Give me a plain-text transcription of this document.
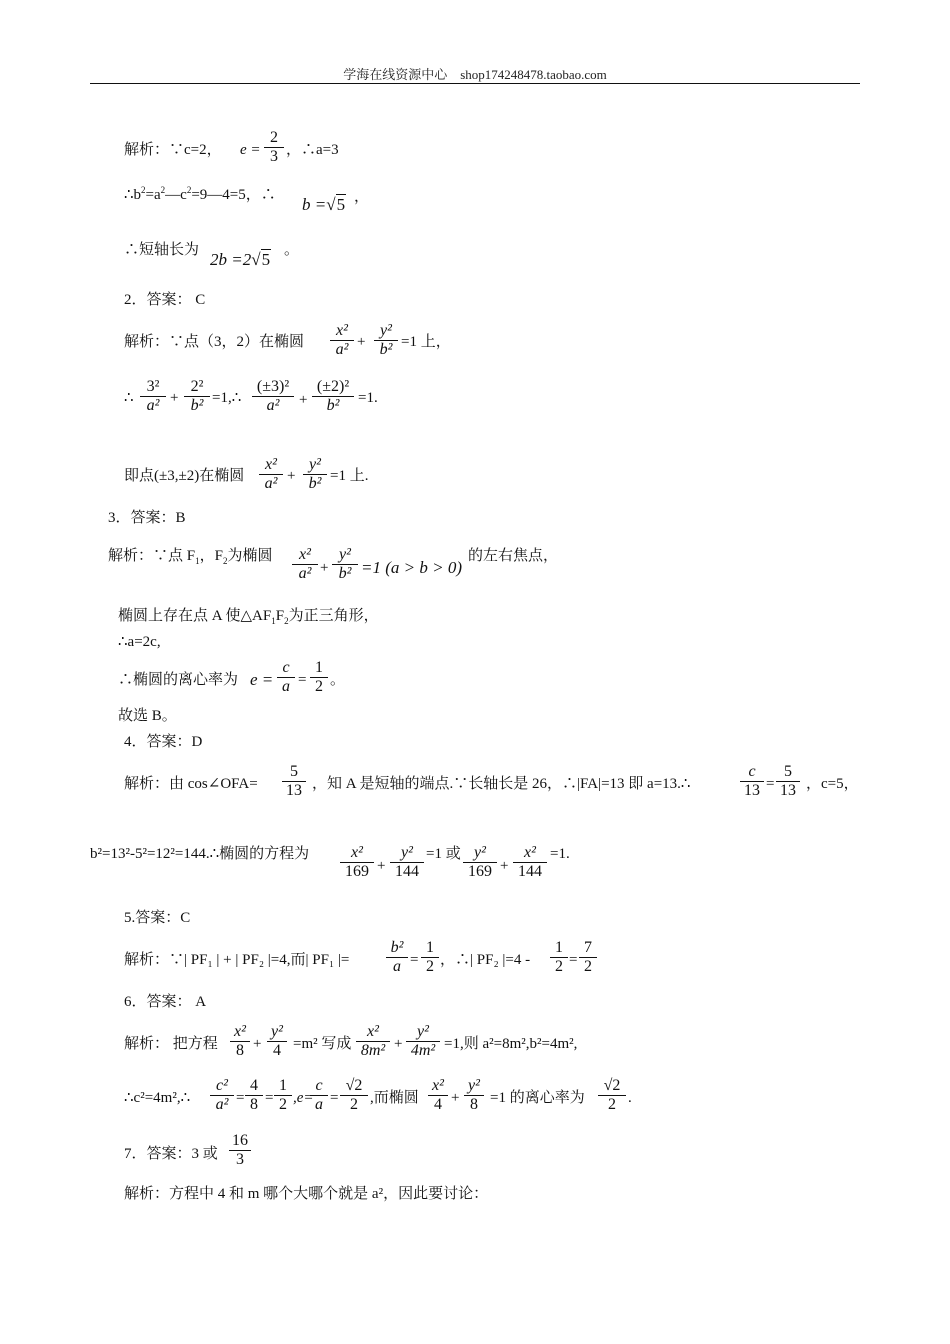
学海在线资源中心　shop174248478.taobao.com
解析：∵c=2， $e = \frac{2}{3}$ ，∴a=3
$\therefore b^2=a^2—c^2=9—4=5$，∴ b =√5 ，
∴短轴长为 2b =2√5 。
2．答案： C
解析：∵点（3，2）在椭圆 $\frac{\text{x²}}{\text{a²}} + \frac{\text{y²}}{\text{b²}} =1$ 上，
∴ $\frac{\text{3²}}{\text{a²}} + \frac{\text{2²}}{\text{b²}}$ =1,∴ $\frac{\text{(±3)²}}{\text{a²}} + \frac{\text{(±2)²}}{\text{b²}} =1$.
即点(±3,±2)在椭圆 $\frac{\text{x²}}{\text{a²}} + \frac{\text{y²}}{\text{b²}} =1$ 上.
3．答案：B
解析：∵点 $F_1$，$F_2$为椭圆 $\frac{\text{x²}}{\text{a²}} + \frac{\text{y²}}{\text{b²}} =1$ (a > b > 0)
的左右焦点，
椭圆上存在点 A 使$\triangle AF_1F_2$为正三角形，
∴a=2c,
∴椭圆的离心率为 $e = \frac{c}{a} = \frac{1}{2}$ 。
故选 B。
4．答案：D
解析：由 cos∠OFA= $\frac{5}{13}$ ，知 A 是短轴的端点.∵长轴长是 26，∴|FA|=13 即 a=13.∴	$\frac{c}{13} = \frac{5}{13}$ ，c=5，
b²=13²-5²=12²=144.∴椭圆的方程为 $\frac{\text{x²}}{169} + \frac{\text{y²}}{144} =1$ 或 $\frac{\text{y²}}{169} + \frac{\text{x²}}{144} =1$.
5.答案：C
解析：∵| PF₁ | + | PF₂ |=4,而| PF₁ |= $\frac{\text{b²}}{a} = \frac{1}{2}$ ，∴| PF₂ $|=4 - \frac{1}{2} = \frac{7}{2}$
6．答案： A
解析： 把方程 $\frac{\text{x²}}{8} + \frac{\text{y²}}{4} =m^2$ 写成 $\frac{\text{x²}}{\text{8m²}} + \frac{\text{y²}}{\text{4m²}} =1$,则 a²=8m²,b²=4m²,
∴c²=4m²,∴ $\frac{\text{c²}}{\text{a²}} = \frac{4}{8} = \frac{1}{2} ,e=$
$\frac{c}{a} = \frac{√2}{2}$ ,而椭圆 $\frac{\text{x²}}{4} + \frac{\text{y²}}{8} =1$ 的离心率为 $\frac{√2}{2}$ .
7．答案：3 或 $\frac{16}{3}$
解析：方程中 4 和 m 哪个大哪个就是 a²，因此要讨论：
